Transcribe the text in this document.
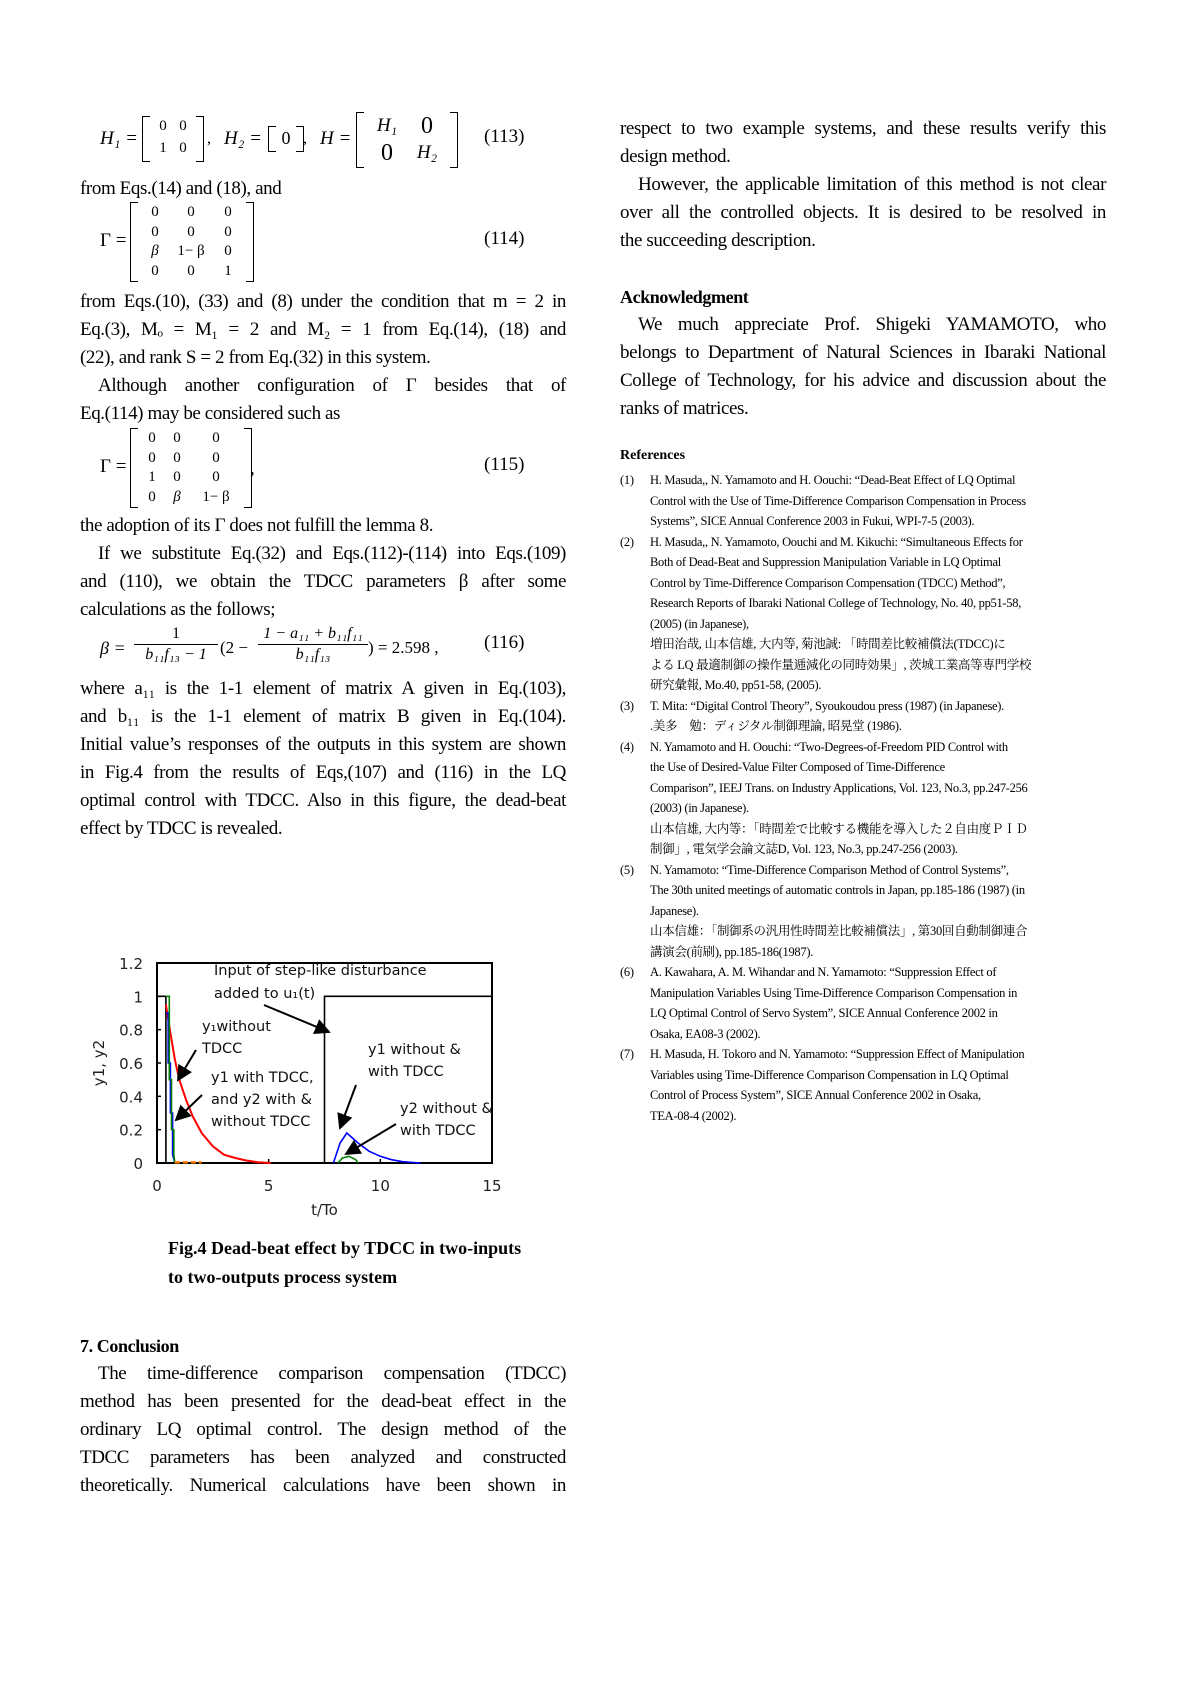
H₁ =
0 0
1 0
, H₂ = 0 , H =
H₁ 0
0	H₂
(113)
from Eqs.(14) and (18), and
Γ =
0	0	0
0	0	0
β	1− β	0
0	0	1
(114)
from Eqs.(10), (33) and (8) under the condition that m = 2 in
Eq.(3), Mₒ = M₁ = 2 and M₂ = 1 from Eq.(14), (18) and
(22), and rank S = 2 from Eq.(32) in this system.
Although another configuration of Γ besides that of
Eq.(114) may be considered such as
Γ =
0	0	0
0	0	0
1	0	0
0	β	1− β
,	(115)
the adoption of its Γ does not fulfill the lemma 8.
If we substitute Eq.(32) and Eqs.(112)-(114) into Eqs.(109)
and (110), we obtain the TDCC parameters β after some
calculations as the follows;
$\beta = \frac{1}{\text{b₁₁f₁₃ − 1}} (2 - \frac{\text{1 − a₁₁ + b₁₁f₁₁}}{\text{b₁₁f₁₃}}$ ) = 2.598 , (116)
where a₁₁ is the 1-1 element of matrix A given in Eq.(103),
and b₁₁ is the 1-1 element of matrix B given in Eq.(104).
Initial value’s responses of the outputs in this system are shown
in Fig.4 from the results of Eqs,(107) and (116) in the LQ
optimal control with TDCC. Also in this figure, the dead-beat
effect by TDCC is revealed.
0
0.2
0.4
0.6
0.8
1
1.2
0	5	10	15
t/To
y1, y2
Input of step-like disturbance
added to u₁(t)
y₁without
TDCC
y1 with TDCC,
and y2 with &
without TDCC
y1 without &
with TDCC
y2 without &
with TDCC
Fig.4 Dead-beat effect by TDCC in two-inputs
to two-outputs process system
7. Conclusion
The time-difference comparison compensation (TDCC)
method has been presented for the dead-beat effect in the
ordinary LQ optimal control. The design method of the
TDCC parameters has been analyzed and constructed
theoretically. Numerical calculations have been shown in
respect to two example systems, and these results verify this
design method.
However, the applicable limitation of this method is not clear
over all the controlled objects. It is desired to be resolved in
the succeeding description.
Acknowledgment
We much appreciate Prof. Shigeki YAMAMOTO, who
belongs to Department of Natural Sciences in Ibaraki National
College of Technology, for his advice and discussion about the
ranks of matrices.
References
(1) H. Masuda,, N. Yamamoto and H. Oouchi: “Dead-Beat Effect of LQ Optimal
Control with the Use of Time-Difference Comparison Compensation in Process
Systems”, SICE Annual Conference 2003 in Fukui, WPI-7-5 (2003).
(2) H. Masuda,, N. Yamamoto, Oouchi and M. Kikuchi: “Simultaneous Effects for
Both of Dead-Beat and Suppression Manipulation Variable in LQ Optimal
Control by Time-Difference Comparison Compensation (TDCC) Method”,
Research Reports of Ibaraki National College of Technology, No. 40, pp51-58,
(2005) (in Japanese),
増田治哉, 山本信雄, 大内等, 菊池誠: 「時間差比較補償法(TDCC)に
よる LQ 最適制御の操作量逓減化の同時効果」, 茨城工業高等専門学校
研究彙報, Mo.40, pp51-58, (2005).
(3) T. Mita: “Digital Control Theory”, Syoukoudou press (1987) (in Japanese).
.美多　勉：ディジタル制御理論, 昭晃堂 (1986).
(4) N. Yamamoto and H. Oouchi: “Two-Degrees-of-Freedom PID Control with
the Use of Desired-Value Filter Composed of Time-Difference
Comparison”, IEEJ Trans. on Industry Applications, Vol. 123, No.3, pp.247-256
(2003) (in Japanese).
山本信雄, 大内等：「時間差で比較する機能を導入した２自由度ＰＩＤ
制御」, 電気学会論文誌D, Vol. 123, No.3, pp.247-256 (2003).
(5) N. Yamamoto: “Time-Difference Comparison Method of Control Systems”,
The 30th united meetings of automatic controls in Japan, pp.185-186 (1987) (in
Japanese).
山本信雄：「制御系の汎用性時間差比較補償法」, 第30回自動制御連合
講演会(前刷), pp.185-186(1987).
(6) A. Kawahara, A. M. Wihandar and N. Yamamoto: “Suppression Effect of
Manipulation Variables Using Time-Difference Comparison Compensation in
LQ Optimal Control of Servo System”, SICE Annual Conference 2002 in
Osaka, EA08-3 (2002).
(7) H. Masuda, H. Tokoro and N. Yamamoto: “Suppression Effect of Manipulation
Variables using Time-Difference Comparison Compensation in LQ Optimal
Control of Process System”, SICE Annual Conference 2002 in Osaka,
TEA-08-4 (2002).
